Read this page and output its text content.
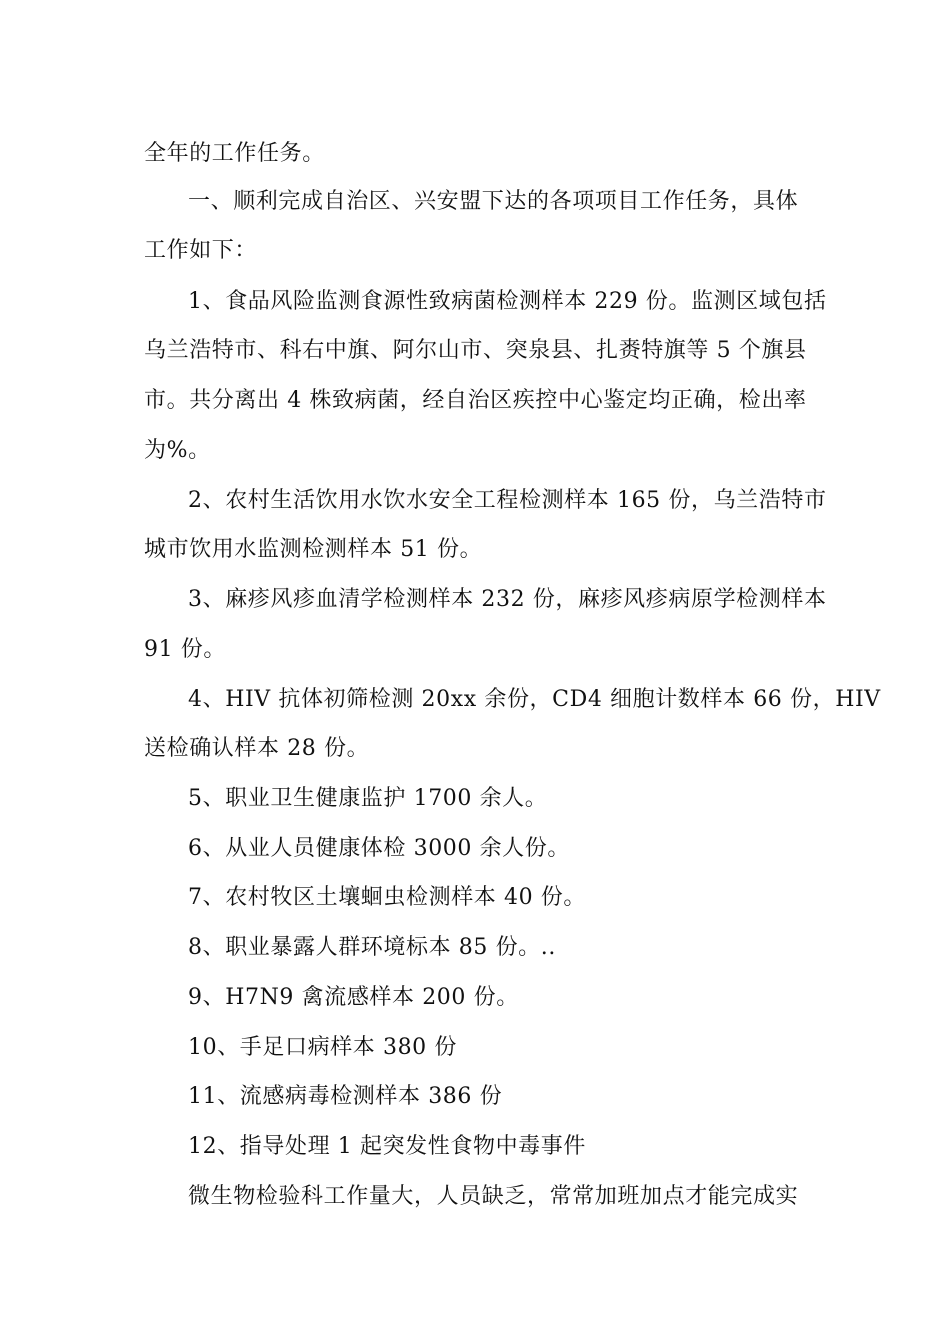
全年的工作任务。
一、顺利完成自治区、兴安盟下达的各项项目工作任务，具体
工作如下：
1、食品风险监测食源性致病菌检测样本 229 份。监测区域包括
乌兰浩特市、科右中旗、阿尔山市、突泉县、扎赉特旗等 5 个旗县
市。共分离出 4 株致病菌，经自治区疾控中心鉴定均正确，检出率
为%。
2、农村生活饮用水饮水安全工程检测样本 165 份，乌兰浩特市
城市饮用水监测检测样本 51 份。
3、麻疹风疹血清学检测样本 232 份，麻疹风疹病原学检测样本
91 份。
4、HIV 抗体初筛检测 20xx 余份，CD4 细胞计数样本 66 份，HIV
送检确认样本 28 份。
5、职业卫生健康监护 1700 余人。
6、从业人员健康体检 3000 余人份。
7、农村牧区土壤蛔虫检测样本 40 份。
8、职业暴露人群环境标本 85 份。..
9、H7N9 禽流感样本 200 份。
10、手足口病样本 380 份
11、流感病毒检测样本 386 份
12、指导处理 1 起突发性食物中毒事件
微生物检验科工作量大，人员缺乏，常常加班加点才能完成实
